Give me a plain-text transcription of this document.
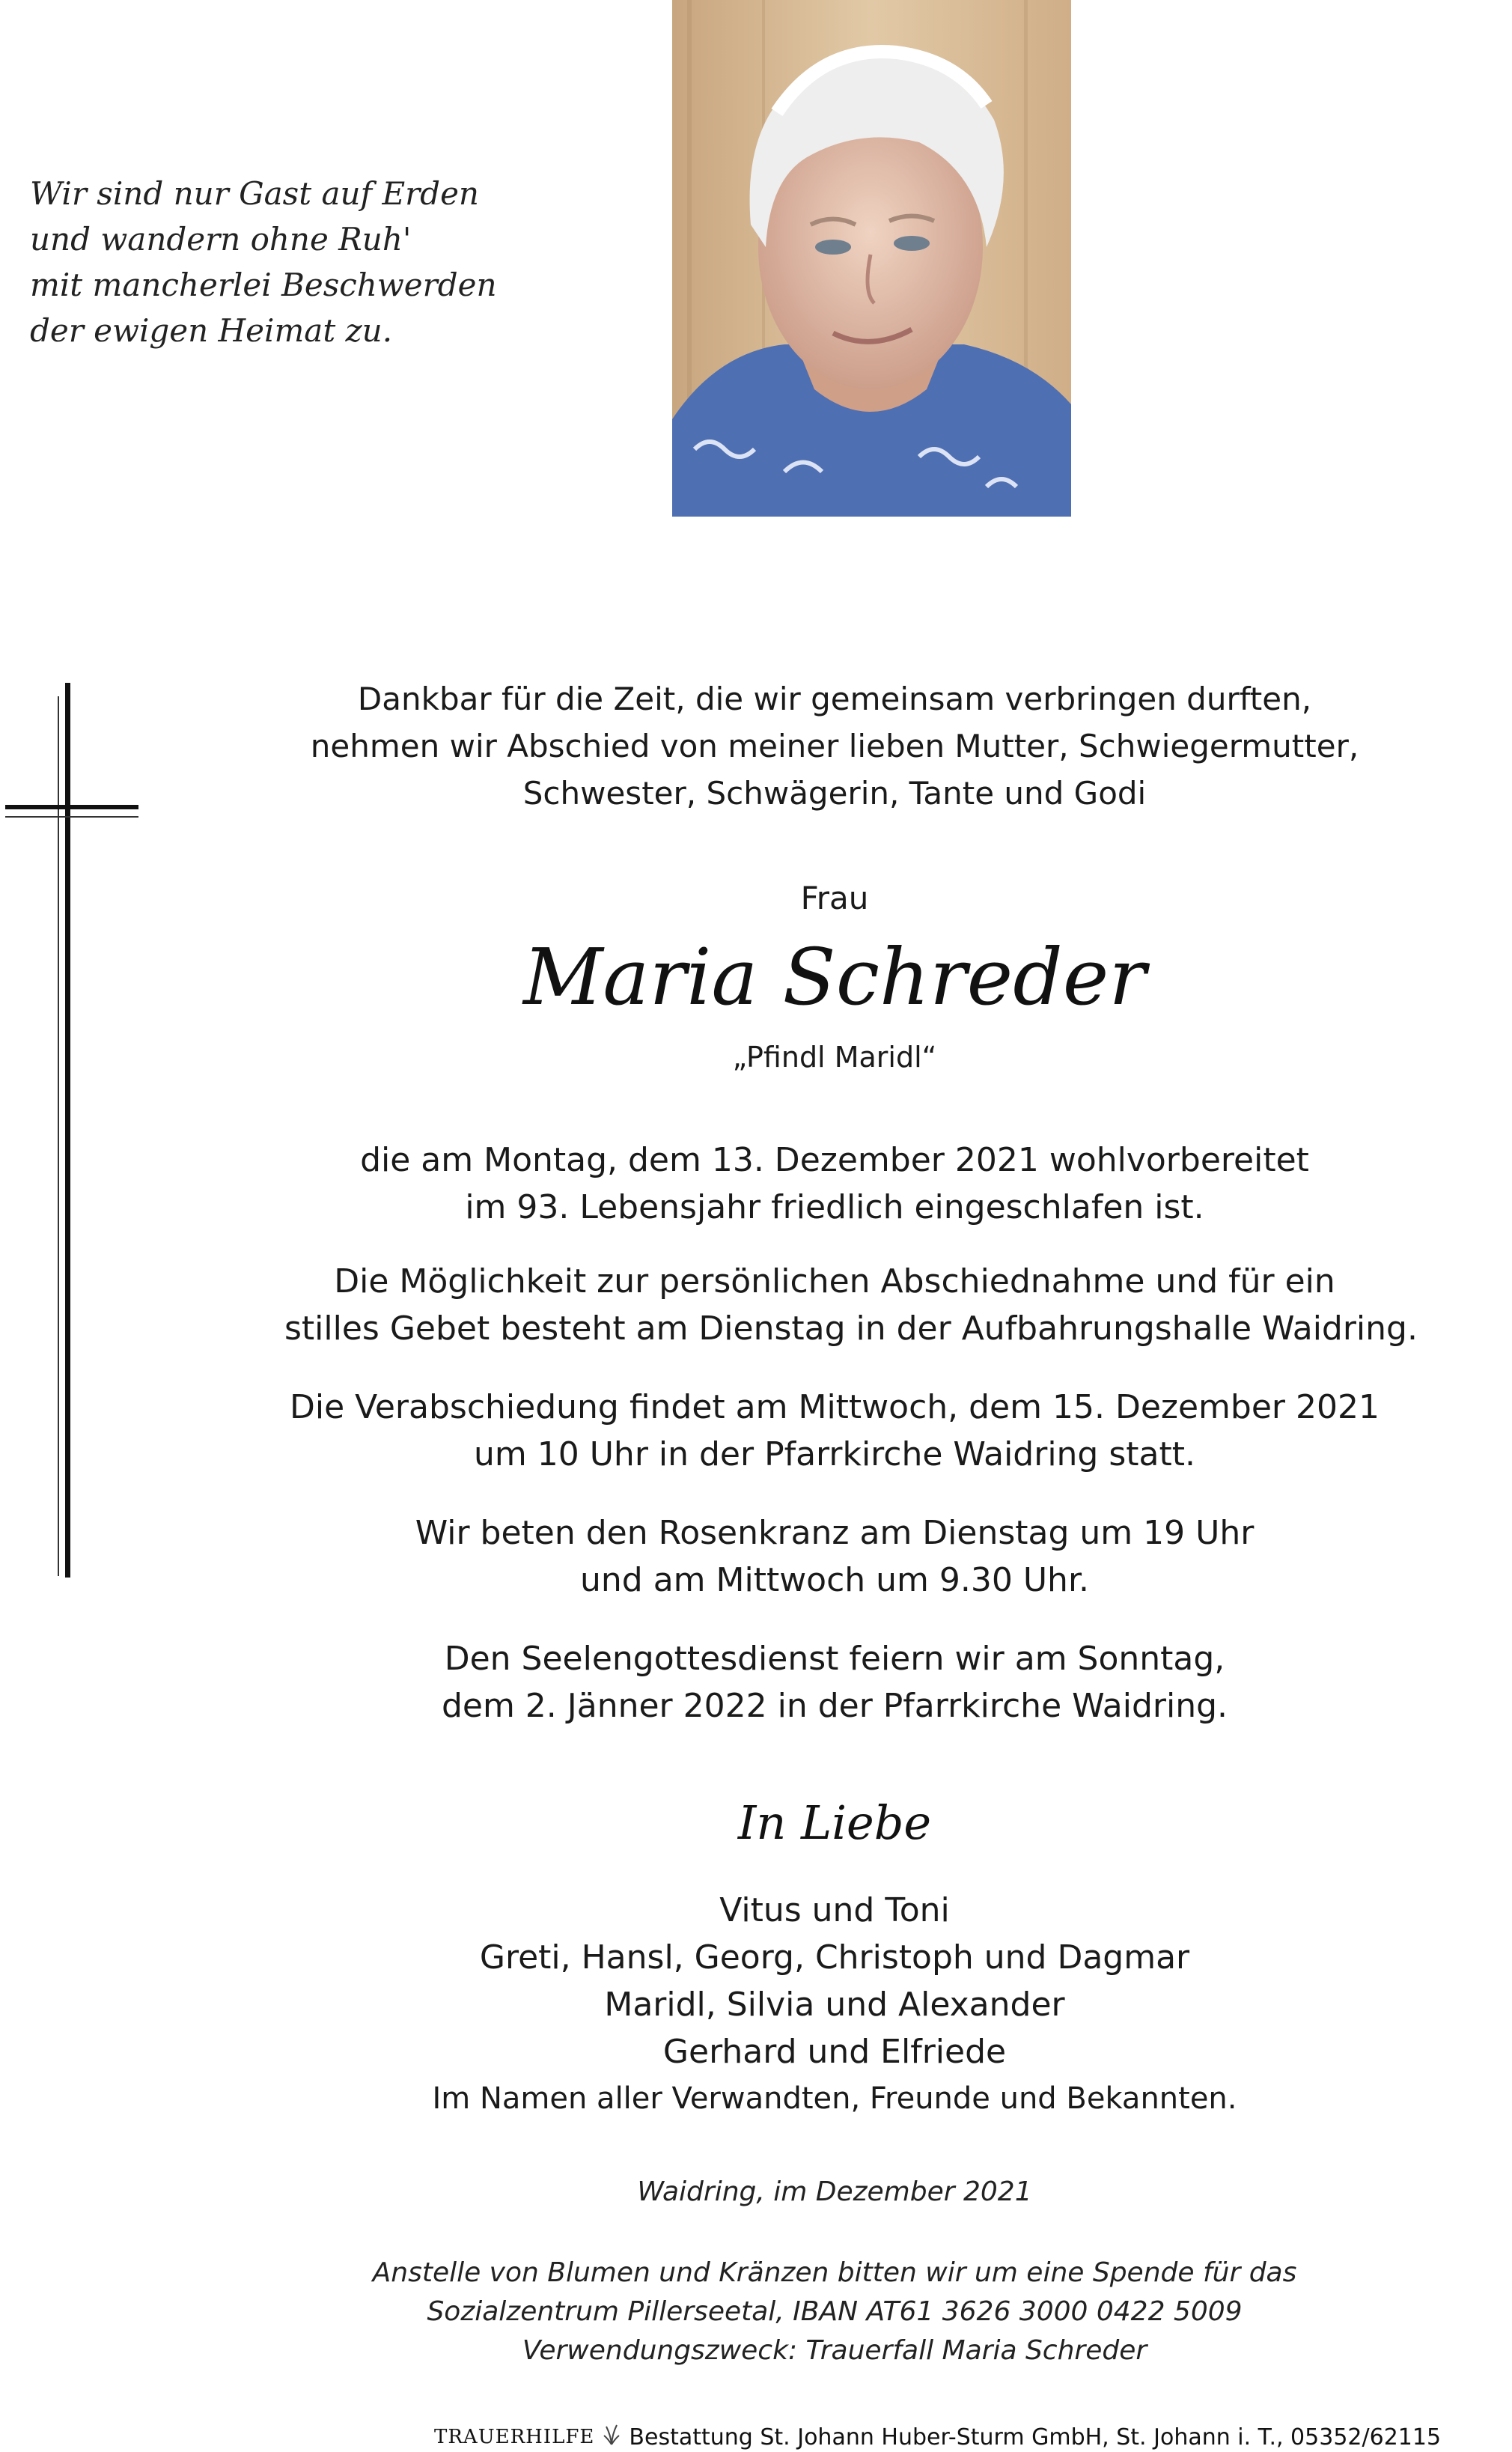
Wir sind nur Gast auf Erden
und wandern ohne Ruh'
mit mancherlei Beschwerden
der ewigen Heimat zu.
Dankbar für die Zeit, die wir gemeinsam verbringen durften,
nehmen wir Abschied von meiner lieben Mutter, Schwiegermutter,
Schwester, Schwägerin, Tante und Godi
Frau
Maria Schreder
„Pfindl Maridl“
die am Montag, dem 13. Dezember 2021 wohlvorbereitet
im 93. Lebensjahr friedlich eingeschlafen ist.
Die Möglichkeit zur persönlichen Abschiednahme und für ein
stilles Gebet besteht am Dienstag in der Aufbahrungshalle Waidring.
Die Verabschiedung findet am Mittwoch, dem 15. Dezember 2021
um 10 Uhr in der Pfarrkirche Waidring statt.
Wir beten den Rosenkranz am Dienstag um 19 Uhr
und am Mittwoch um 9.30 Uhr.
Den Seelengottesdienst feiern wir am Sonntag,
dem 2. Jänner 2022 in der Pfarrkirche Waidring.
In Liebe
Vitus und Toni
Greti, Hansl, Georg, Christoph und Dagmar
Maridl, Silvia und Alexander
Gerhard und Elfriede
Im Namen aller Verwandten, Freunde und Bekannten.
Waidring, im Dezember 2021
Anstelle von Blumen und Kränzen bitten wir um eine Spende für das
Sozialzentrum Pillerseetal, IBAN AT61 3626 3000 0422 5009
Verwendungszweck: Trauerfall Maria Schreder
TRAUERHILFE Bestattung St. Johann Huber-Sturm GmbH, St. Johann i. T., 05352/62115
